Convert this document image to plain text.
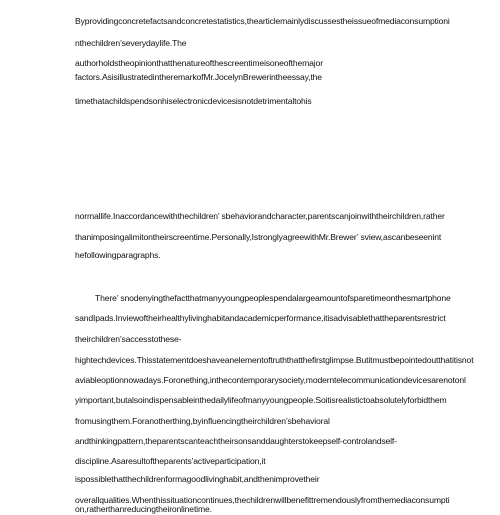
Byprovidingconcretefactsandconcretestatistics,thearticlemainlydiscussestheissueofmediaconsumptioni
nthechildren’severydaylife.The
authorholdstheopinionthatthenatureofthescreentimeisoneofthemajor
factors.AsisillustratedintheremarkofMr.JocelynBrewerintheessay,the
timethatachildspendsonhiselectronicdevicesisnotdetrimentaltohis
normallife.Inaccordancewiththechildren’ sbehaviorandcharacter,parentscanjoinwiththeirchildren,rather
thanimposingalimitontheirscreentime.Personally,IstronglyagreewithMr.Brewer’ sview,ascanbeseenint
hefollowingparagraphs.
There’ snodenyingthefactthatmanyyoungpeoplespendalargeamountofsparetimeonthesmartphone
sandIpads.Inviewoftheirhealthylivinghabitandacademicperformance,itisadvisablethattheparentsrestrict
theirchildren’saccesstothese-
hightechdevices.Thisstatementdoeshaveanelementoftruththatthefirstglimpse.Butitmustbepointedoutthatitisnot
aviableoptionnowadays.Foronething,inthecontemporarysociety,moderntelecommunicationdevicesarenotonl
yimportant,butalsoindispensableinthedailylifeofmanyyoungpeople.Soitisrealistictoabsolutelyforbidthem
fromusingthem.Foranotherthing,byinfluencingtheirchildren’sbehavioral
andthinkingpattern,theparentscanteachtheirsonsanddaughterstokeepself-controlandself-
discipline.Asaresultoftheparents’activeparticipation,it
ispossiblethatthechildrenformagoodlivinghabit,andthenimprovetheir
overallqualities.Whenthissituationcontinues,thechildrenwillbenefittremendouslyfromthemediaconsumpti
on,ratherthanreducingtheironlinetime.
